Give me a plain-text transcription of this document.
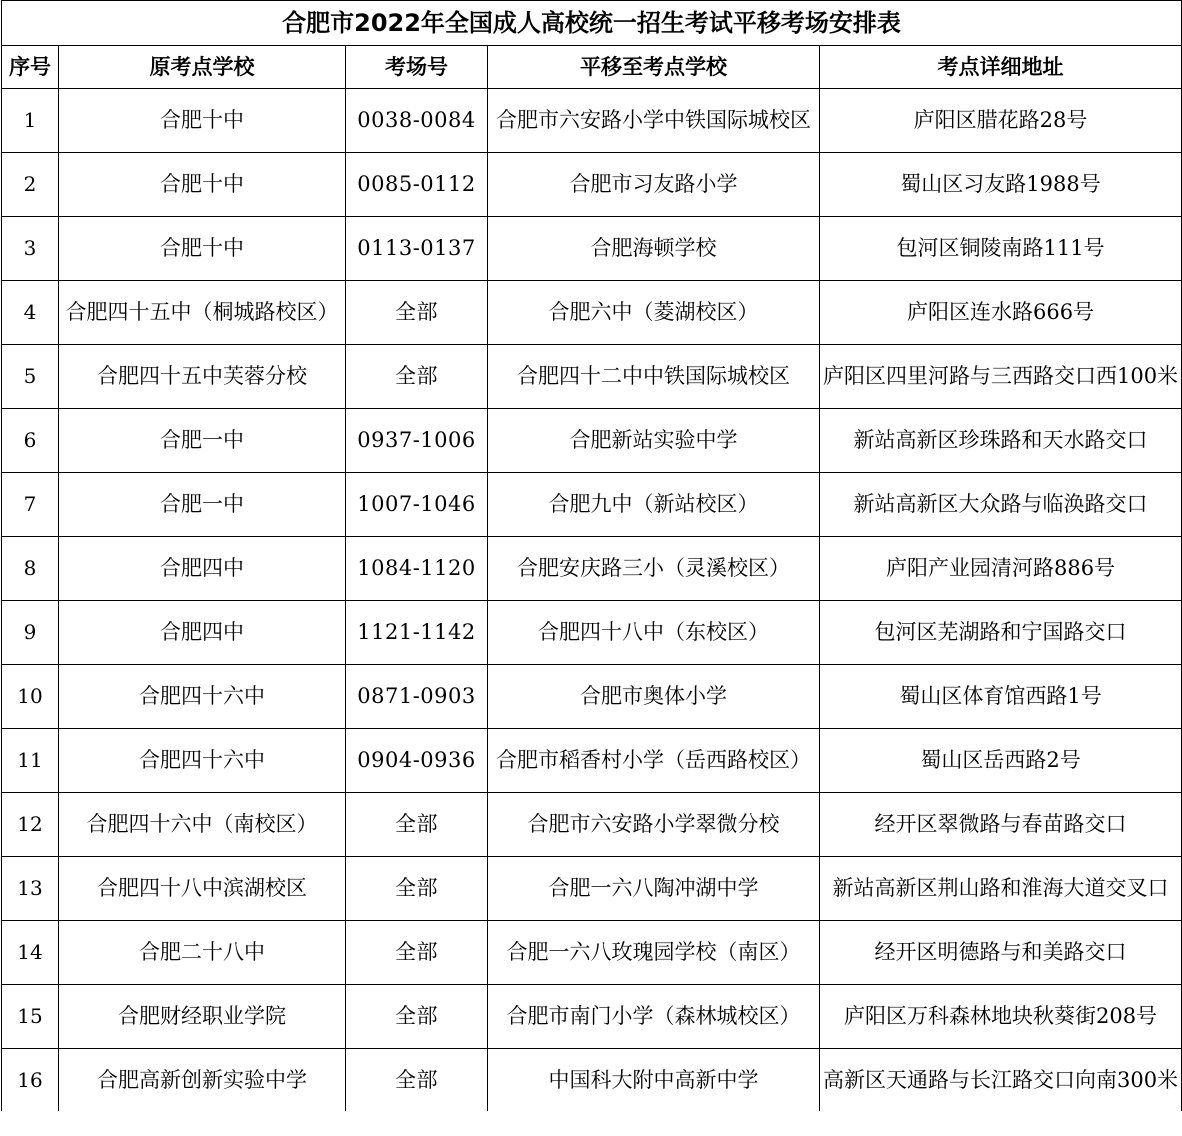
合肥市2022年全国成人高校统一招生考试平移考场安排表				
序号	原考点学校	考场号	平移至考点学校	考点详细地址
1	合肥十中	0038-0084	合肥市六安路小学中铁国际城校区	庐阳区腊花路28号
2	合肥十中	0085-0112	合肥市习友路小学	蜀山区习友路1988号
3	合肥十中	0113-0137	合肥海顿学校	包河区铜陵南路111号
4	合肥四十五中（桐城路校区）	全部	合肥六中（菱湖校区）	庐阳区连水路666号
5	合肥四十五中芙蓉分校	全部	合肥四十二中中铁国际城校区	庐阳区四里河路与三西路交口西100米
6	合肥一中	0937-1006	合肥新站实验中学	新站高新区珍珠路和天水路交口
7	合肥一中	1007-1046	合肥九中（新站校区）	新站高新区大众路与临涣路交口
8	合肥四中	1084-1120	合肥安庆路三小（灵溪校区）	庐阳产业园清河路886号
9	合肥四中	1121-1142	合肥四十八中（东校区）	包河区芜湖路和宁国路交口
10	合肥四十六中	0871-0903	合肥市奥体小学	蜀山区体育馆西路1号
11	合肥四十六中	0904-0936	合肥市稻香村小学（岳西路校区）	蜀山区岳西路2号
12	合肥四十六中（南校区）	全部	合肥市六安路小学翠微分校	经开区翠微路与春苗路交口
13	合肥四十八中滨湖校区	全部	合肥一六八陶冲湖中学	新站高新区荆山路和淮海大道交叉口
14	合肥二十八中	全部	合肥一六八玫瑰园学校（南区）	经开区明德路与和美路交口
15	合肥财经职业学院	全部	合肥市南门小学（森林城校区）	庐阳区万科森林地块秋葵街208号
16	合肥高新创新实验中学	全部	中国科大附中高新中学	高新区天通路与长江路交口向南300米
